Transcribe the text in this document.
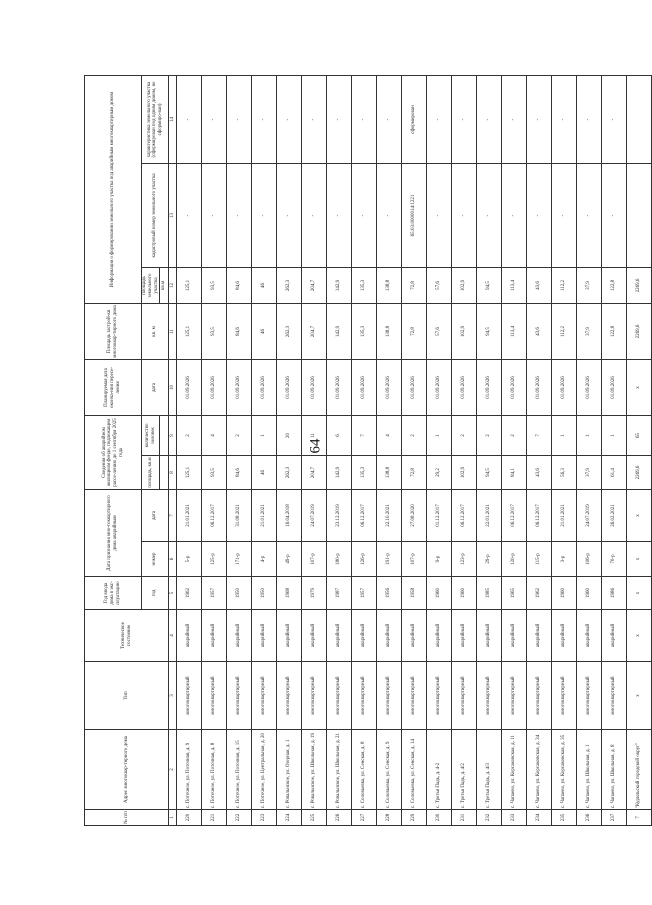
64
№ п/п	Адрес многоквар-тирного дома	Тип	Техническое состояние	Год ввода дома в экс-плуатацию	Дата признания мно-гоквартирного дома аварийным		Сведения об аварийном жилищном фонде, подлежащем рассе-лению до 1 сентября 2025 года		Планируемая дата оконча-ния пересе-ления	Площадь застрой-ки многоквар-тирного дома	Информация о формировании земельного участка под аварийным многоквартирным домом		
				год	номер	дата	площадь, кв.м	количество человек	дата	кв. м	площадь земельного участка	кадастровый номер земельного участка	характеристика земельного участка (сформирован под одним домом, не сформиро-ван)
											кв.м		
1	2	3	4	5	6	7	8	9	10	11	12	13	14
220	с. Поточное, ул. Поточная, д. 9	многоквартирный	аварийный	1962	5-р	21.01.2021	125,1	2	01.09.2026	125,1	125,1	-	-
221	с. Поточное, ул. Поточная, д. 8	многоквартирный	аварийный	1957	125-р	06.12.2017	93,5	4	01.09.2026	93,5	93,5	-	-
222	с. Поточное, ул. Поточная, д. 15	многоквартирный	аварийный	1950	171-р	31.08.2021	84,6	2	01.09.2026	84,6	84,6	-	-
223	с. Поточное, ул. Центральная, д. 20	многоквартирный	аварийный	1950	4-р	21.01.2021	46	1	01.09.2026	46	46	-	-
224	с. Ровальнское, ул. Озерная, д. 1	многоквартирный	аварийный	1968	49-р	16.04.2018	262,3	20	01.09.2026	262,3	262,3	-	-
225	с. Ровальнское, ул. Школьная, д. 19	многоквартирный	аварийный	1979	107-р	24.07.2019	204,7	11	01.09.2026	204,7	204,7	-	-
226	с. Ровальнское, ул. Школьная, д. 21	многоквартирный	аварийный	1987	180-р	23.12.2019	142,9	6	01.09.2026	142,9	142,9	-	-
227	с. Соловьевка, ул. Сенская, д. 8	многоквартирный	аварийный	1957	126-р	06.12.2017	135,3	7	01.09.2026	135,3	135,3	-	-
228	с. Соловьевка, ул. Сенская, д. 9	многоквартирный	аварийный	1956	191-р	22.10.2021	138,8	4	01.09.2026	138,8	138,8	-	-
229	с. Соловьевка, ул. Сенская, д. 14	многоквартирный	аварийный	1958	107-р	27.08.2020	72,8	2	01.09.2026	72,8	72,8	65:03:0000014:1221	сформирован
230	с. Третья Падь, д. 4-2	многоквартирный	аварийный	1960	9-р	01.12.2017	29,2	1	01.09.2026	57,6	57,6	-	-
231	с. Третья Падь, д. 4/2	многоквартирный	аварийный	1960	123-р	06.12.2017	102,9	2	01.09.2026	102,9	102,9	-	-
232	с. Третья Падь, д. 4/3	многоквартирный	аварийный	1985	29-р	22.01.2021	94,5	2	01.09.2026	94,5	94,5	-	-
233	с. Чапаево, ул. Корсаковская, д. 11	многоквартирный	аварийный	1965	120-р	06.12.2017	84,1	2	01.09.2026	113,4	113,4	-	-
234	с. Чапаево, ул. Корсаковская, д. 34	многоквартирный	аварийный	1962	115-р	06.12.2017	43,6	7	01.09.2026	43,6	43,6	-	-
235	с. Чапаево, ул. Корсаковская, д. 35	многоквартирный	аварийный	1960	3-р	21.01.2021	56,3	1	01.09.2026	112,2	112,2	-	-
236	с. Чапаево, ул. Школьная, д. 1	многоквартирный	аварийный	1960	106-р	24.07.2019	37,9	1	01.09.2026	37,9	37,9	-	-
237	с. Чапаево, ул. Школьная, д. 8	многоквартирный	аварийный	1986	70-р	26.02.2021	61,4	1	01.09.2026	122,8	122,8	-	-
7	"Курильский городской округ"	х	х	х	х	х	2269,6	65	х	2269,6	2269,6		
